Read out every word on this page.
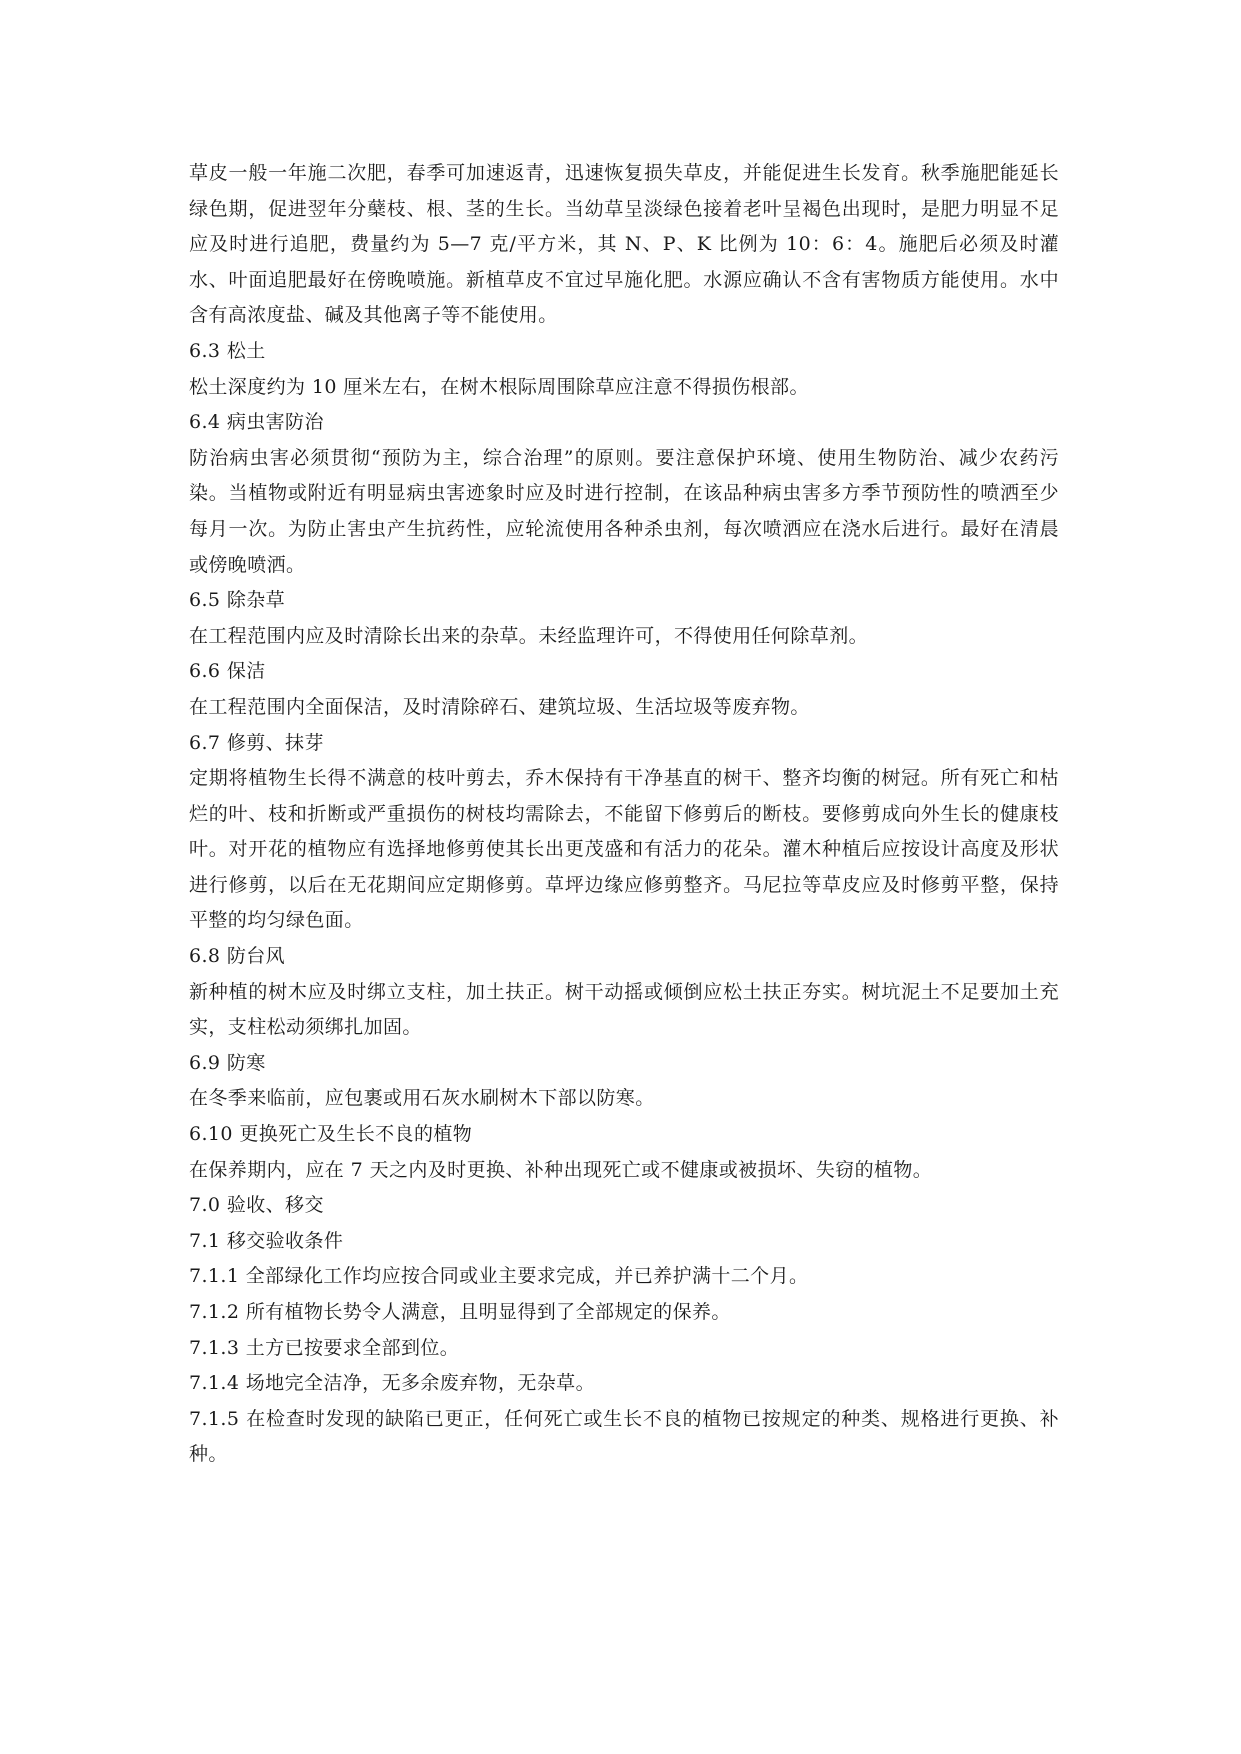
草皮一般一年施二次肥，春季可加速返青，迅速恢复损失草皮，并能促进生长发育。秋季施肥能延长绿色期，促进翌年分蘖枝、根、茎的生长。当幼草呈淡绿色接着老叶呈褐色出现时，是肥力明显不足应及时进行追肥，费量约为 5—7 克/平方米，其 N、P、K 比例为 10：6：4。施肥后必须及时灌水、叶面追肥最好在傍晚喷施。新植草皮不宜过早施化肥。水源应确认不含有害物质方能使用。水中含有高浓度盐、碱及其他离子等不能使用。

6.3 松土

松土深度约为 10 厘米左右，在树木根际周围除草应注意不得损伤根部。

6.4 病虫害防治

防治病虫害必须贯彻“预防为主，综合治理”的原则。要注意保护环境、使用生物防治、减少农药污染。当植物或附近有明显病虫害迹象时应及时进行控制，在该品种病虫害多方季节预防性的喷洒至少每月一次。为防止害虫产生抗药性，应轮流使用各种杀虫剂，每次喷洒应在浇水后进行。最好在清晨或傍晚喷洒。

6.5 除杂草

在工程范围内应及时清除长出来的杂草。未经监理许可，不得使用任何除草剂。

6.6 保洁

在工程范围内全面保洁，及时清除碎石、建筑垃圾、生活垃圾等废弃物。

6.7 修剪、抹芽

定期将植物生长得不满意的枝叶剪去，乔木保持有干净基直的树干、整齐均衡的树冠。所有死亡和枯烂的叶、枝和折断或严重损伤的树枝均需除去，不能留下修剪后的断枝。要修剪成向外生长的健康枝叶。对开花的植物应有选择地修剪使其长出更茂盛和有活力的花朵。灌木种植后应按设计高度及形状进行修剪，以后在无花期间应定期修剪。草坪边缘应修剪整齐。马尼拉等草皮应及时修剪平整，保持平整的均匀绿色面。

6.8 防台风

新种植的树木应及时绑立支柱，加土扶正。树干动摇或倾倒应松土扶正夯实。树坑泥土不足要加土充实，支柱松动须绑扎加固。

6.9 防寒

在冬季来临前，应包裹或用石灰水刷树木下部以防寒。

6.10 更换死亡及生长不良的植物

在保养期内，应在 7 天之内及时更换、补种出现死亡或不健康或被损坏、失窃的植物。

7.0 验收、移交

7.1 移交验收条件

7.1.1 全部绿化工作均应按合同或业主要求完成，并已养护满十二个月。

7.1.2 所有植物长势令人满意，且明显得到了全部规定的保养。

7.1.3 土方已按要求全部到位。

7.1.4 场地完全洁净，无多余废弃物，无杂草。

7.1.5 在检查时发现的缺陷已更正，任何死亡或生长不良的植物已按规定的种类、规格进行更换、补种。
